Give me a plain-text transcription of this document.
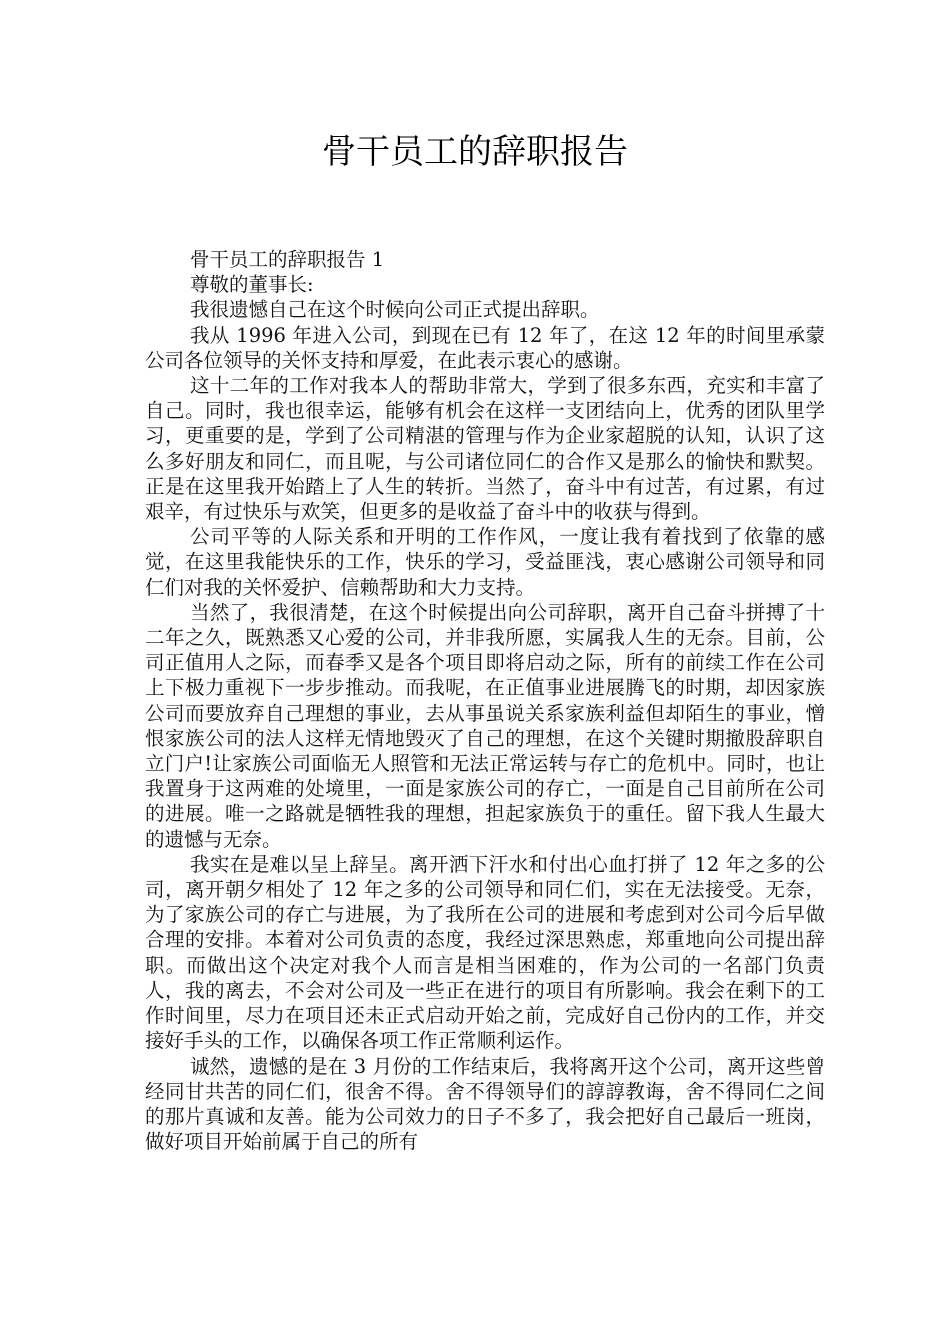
骨干员工的辞职报告

骨干员工的辞职报告 1

尊敬的董事长:

我很遗憾自己在这个时候向公司正式提出辞职。

我从 1996 年进入公司，到现在已有 12 年了，在这 12 年的时间里承蒙公司各位领导的关怀支持和厚爱，在此表示衷心的感谢。

这十二年的工作对我本人的帮助非常大，学到了很多东西，充实和丰富了自己。同时，我也很幸运，能够有机会在这样一支团结向上，优秀的团队里学习，更重要的是，学到了公司精湛的管理与作为企业家超脱的认知，认识了这么多好朋友和同仁，而且呢，与公司诸位同仁的合作又是那么的愉快和默契。正是在这里我开始踏上了人生的转折。当然了，奋斗中有过苦，有过累，有过艰辛，有过快乐与欢笑，但更多的是收益了奋斗中的收获与得到。

公司平等的人际关系和开明的工作作风，一度让我有着找到了依靠的感觉，在这里我能快乐的工作，快乐的学习，受益匪浅，衷心感谢公司领导和同仁们对我的关怀爱护、信赖帮助和大力支持。

当然了，我很清楚，在这个时候提出向公司辞职，离开自己奋斗拼搏了十二年之久，既熟悉又心爱的公司，并非我所愿，实属我人生的无奈。目前，公司正值用人之际，而春季又是各个项目即将启动之际，所有的前续工作在公司上下极力重视下一步步推动。而我呢，在正值事业进展腾飞的时期，却因家族公司而要放弃自己理想的事业，去从事虽说关系家族利益但却陌生的事业，憎恨家族公司的法人这样无情地毁灭了自己的理想，在这个关键时期撤股辞职自立门户!让家族公司面临无人照管和无法正常运转与存亡的危机中。同时，也让我置身于这两难的处境里，一面是家族公司的存亡，一面是自己目前所在公司的进展。唯一之路就是牺牲我的理想，担起家族负于的重任。留下我人生最大的遗憾与无奈。

我实在是难以呈上辞呈。离开洒下汗水和付出心血打拼了 12 年之多的公司，离开朝夕相处了 12 年之多的公司领导和同仁们，实在无法接受。无奈，为了家族公司的存亡与进展，为了我所在公司的进展和考虑到对公司今后早做合理的安排。本着对公司负责的态度，我经过深思熟虑，郑重地向公司提出辞职。而做出这个决定对我个人而言是相当困难的，作为公司的一名部门负责人，我的离去，不会对公司及一些正在进行的项目有所影响。我会在剩下的工作时间里，尽力在项目还未正式启动开始之前，完成好自己份内的工作，并交接好手头的工作，以确保各项工作正常顺利运作。

诚然，遗憾的是在 3 月份的工作结束后，我将离开这个公司，离开这些曾经同甘共苦的同仁们，很舍不得。舍不得领导们的諄諄教诲，舍不得同仁之间的那片真诚和友善。能为公司效力的日子不多了，我会把好自己最后一班岗，做好项目开始前属于自己的所有
